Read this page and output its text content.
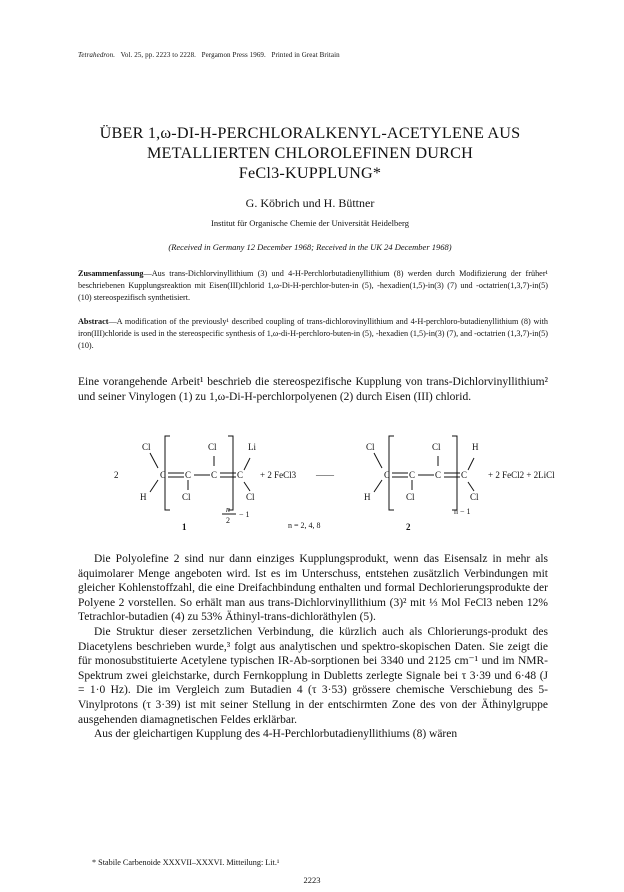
Tetrahedron. Vol. 25, pp. 2223 to 2228. Pergamon Press 1969. Printed in Great Britain
ÜBER 1,ω-DI-H-PERCHLORALKENYL-ACETYLENE AUS
METALLIERTEN CHLOROLEFINEN DURCH
FeCl3-KUPPLUNG*
G. Köbrich und H. Büttner
Institut für Organische Chemie der Universität Heidelberg
(Received in Germany 12 December 1968; Received in the UK 24 December 1968)
Zusammenfassung—Aus trans-Dichlorvinyllithium (3) und 4-H-Perchlorbutadienyllithium (8) werden durch Modifizierung der früher¹ beschriebenen Kupplungsreaktion mit Eisen(III)chlorid 1,ω-Di-H-perchlor-buten-in (5), -hexadien(1,5)-in(3) (7) und -octatrien(1,3,7)-in(5) (10) stereospezifisch synthetisiert.
Abstract—A modification of the previously¹ described coupling of trans-dichlorovinyllithium and 4-H-perchloro-butadienyllithium (8) with iron(III)chloride is used in the stereospecific synthesis of 1,ω-di-H-perchloro-buten-in (5), -hexadien (1,5)-in(3) (7), and -octatrien (1,3,7)-in(5) (10).

Eine vorangehende Arbeit¹ beschrieb die stereospezifische Kupplung von trans-Dichlorvinyllithium² und seiner Vinylogen (1) zu 1,ω-Di-H-perchlorpolyenen (2) durch Eisen (III) chlorid.

2
Cl
H
C C
Cl
C
Cl
C
Li
Cl
n
2
− 1
1
+ 2 FeCl3 ——
n = 2, 4, 8
Cl
H
C C
Cl
C
Cl
C
H
Cl
n − 1
2
+ 2 FeCl2 + 2LiCl

Die Polyolefine 2 sind nur dann einziges Kupplungsprodukt, wenn das Eisensalz in mehr als äquimolarer Menge angeboten wird. Ist es im Unterschuss, entstehen zusätzlich Verbindungen mit gleicher Kohlenstoffzahl, die eine Dreifachbindung enthalten und formal Dechlorierungsprodukte der Polyene 2 vorstellen. So erhält man aus trans-Dichlorvinyllithium (3)² mit ⅓ Mol FeCl3 neben 12% Tetrachlor-butadien (4) zu 53% Äthinyl-trans-dichloräthylen (5).

Die Struktur dieser zersetzlichen Verbindung, die kürzlich auch als Chlorierungs-produkt des Diacetylens beschrieben wurde,³ folgt aus analytischen und spektro-skopischen Daten. Sie zeigt die für monosubstituierte Acetylene typischen IR-Ab-sorptionen bei 3340 und 2125 cm⁻¹ und im NMR-Spektrum zwei gleichstarke, durch Fernkopplung in Dubletts zerlegte Signale bei τ 3·39 und 6·48 (J = 1·0 Hz). Die im Vergleich zum Butadien 4 (τ 3·53) grössere chemische Verschiebung des 5-Vinylprotons (τ 3·39) ist mit seiner Stellung in der entschirmten Zone des von der Äthinylgruppe ausgehenden diamagnetischen Feldes erklärbar.

Aus der gleichartigen Kupplung des 4-H-Perchlorbutadienyllithiums (8) wären

* Stabile Carbenoide XXXVII–XXXVI. Mitteilung: Lit.¹
2223
